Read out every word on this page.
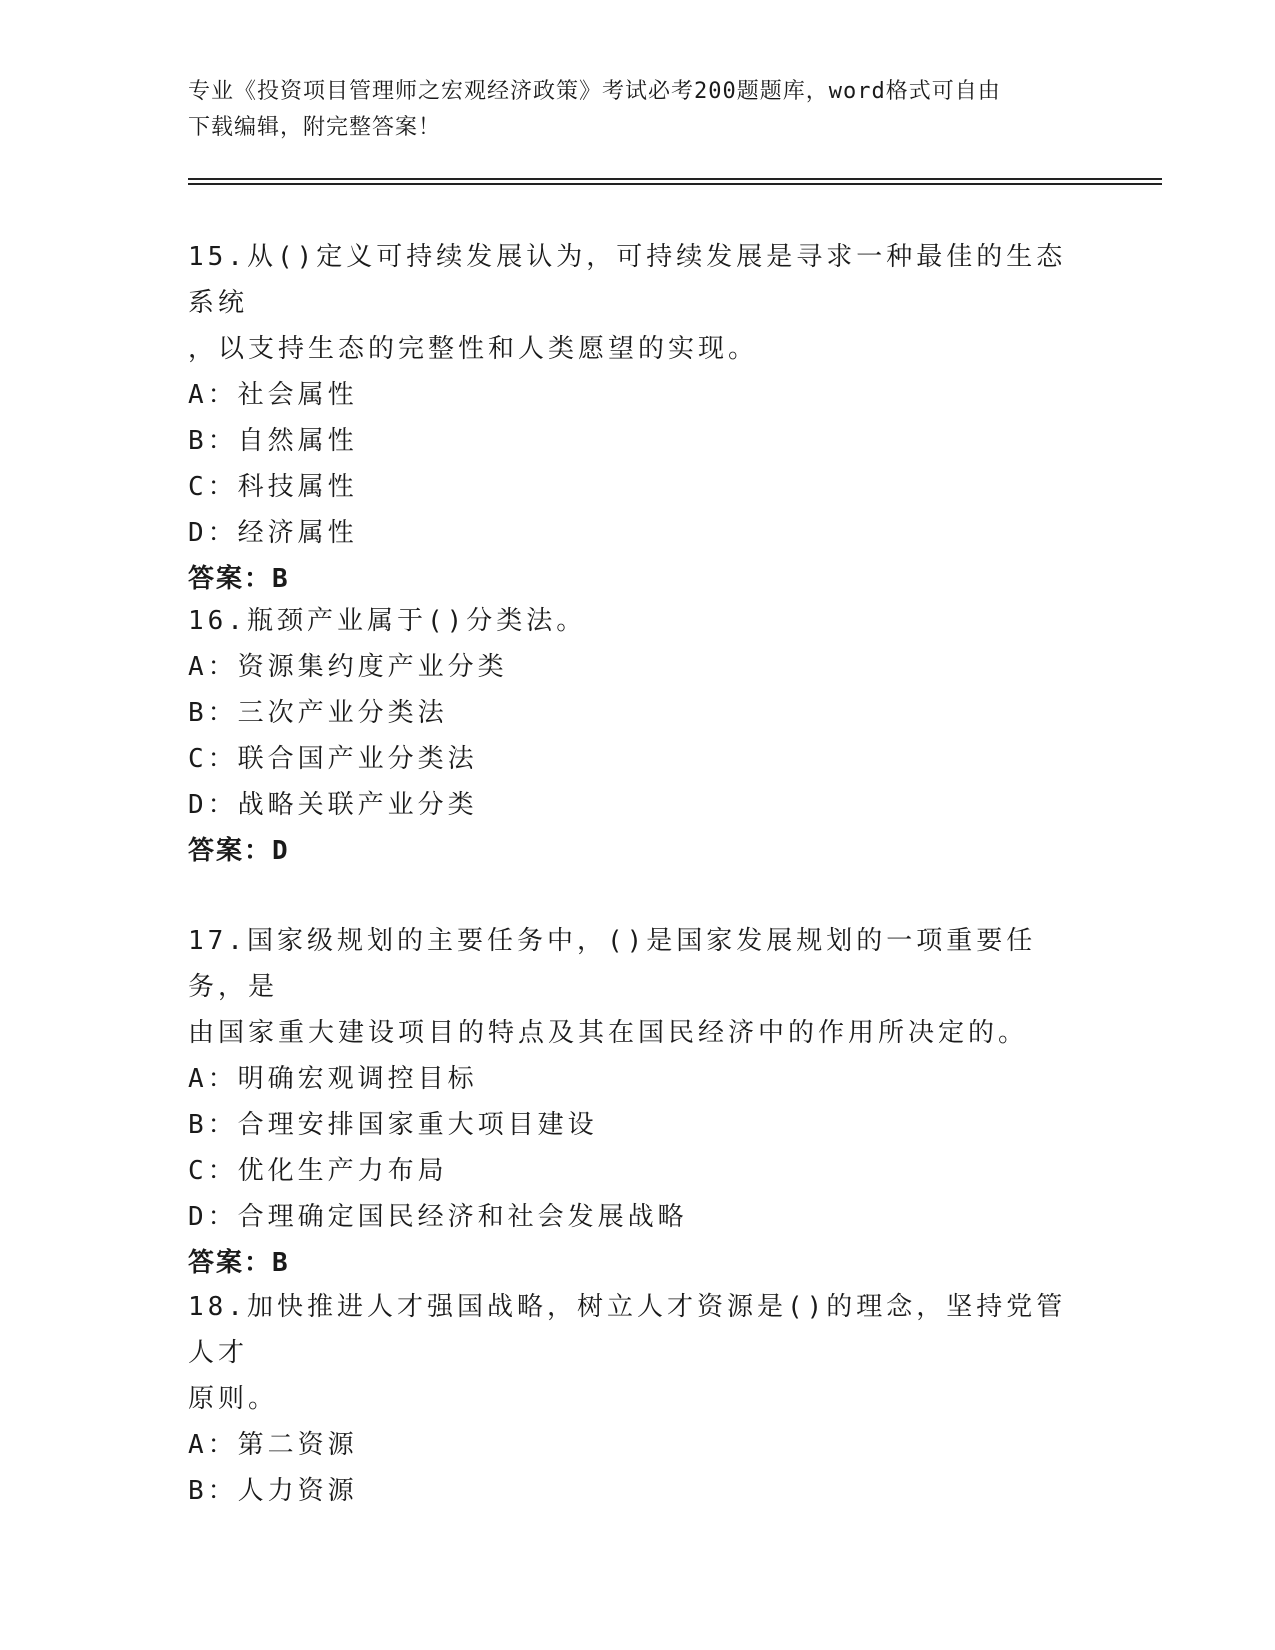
专业《投资项目管理师之宏观经济政策》考试必考200题题库，word格式可自由
下载编辑，附完整答案！
15.从()定义可持续发展认为，可持续发展是寻求一种最佳的生态系统
，以支持生态的完整性和人类愿望的实现。
A：社会属性
B：自然属性
C：科技属性
D：经济属性
答案：B
16.瓶颈产业属于()分类法。
A：资源集约度产业分类
B：三次产业分类法
C：联合国产业分类法
D：战略关联产业分类
答案：D
17.国家级规划的主要任务中，()是国家发展规划的一项重要任务，是
由国家重大建设项目的特点及其在国民经济中的作用所决定的。
A：明确宏观调控目标
B：合理安排国家重大项目建设
C：优化生产力布局
D：合理确定国民经济和社会发展战略
答案：B
18.加快推进人才强国战略，树立人才资源是()的理念，坚持党管人才
原则。
A：第二资源
B：人力资源
